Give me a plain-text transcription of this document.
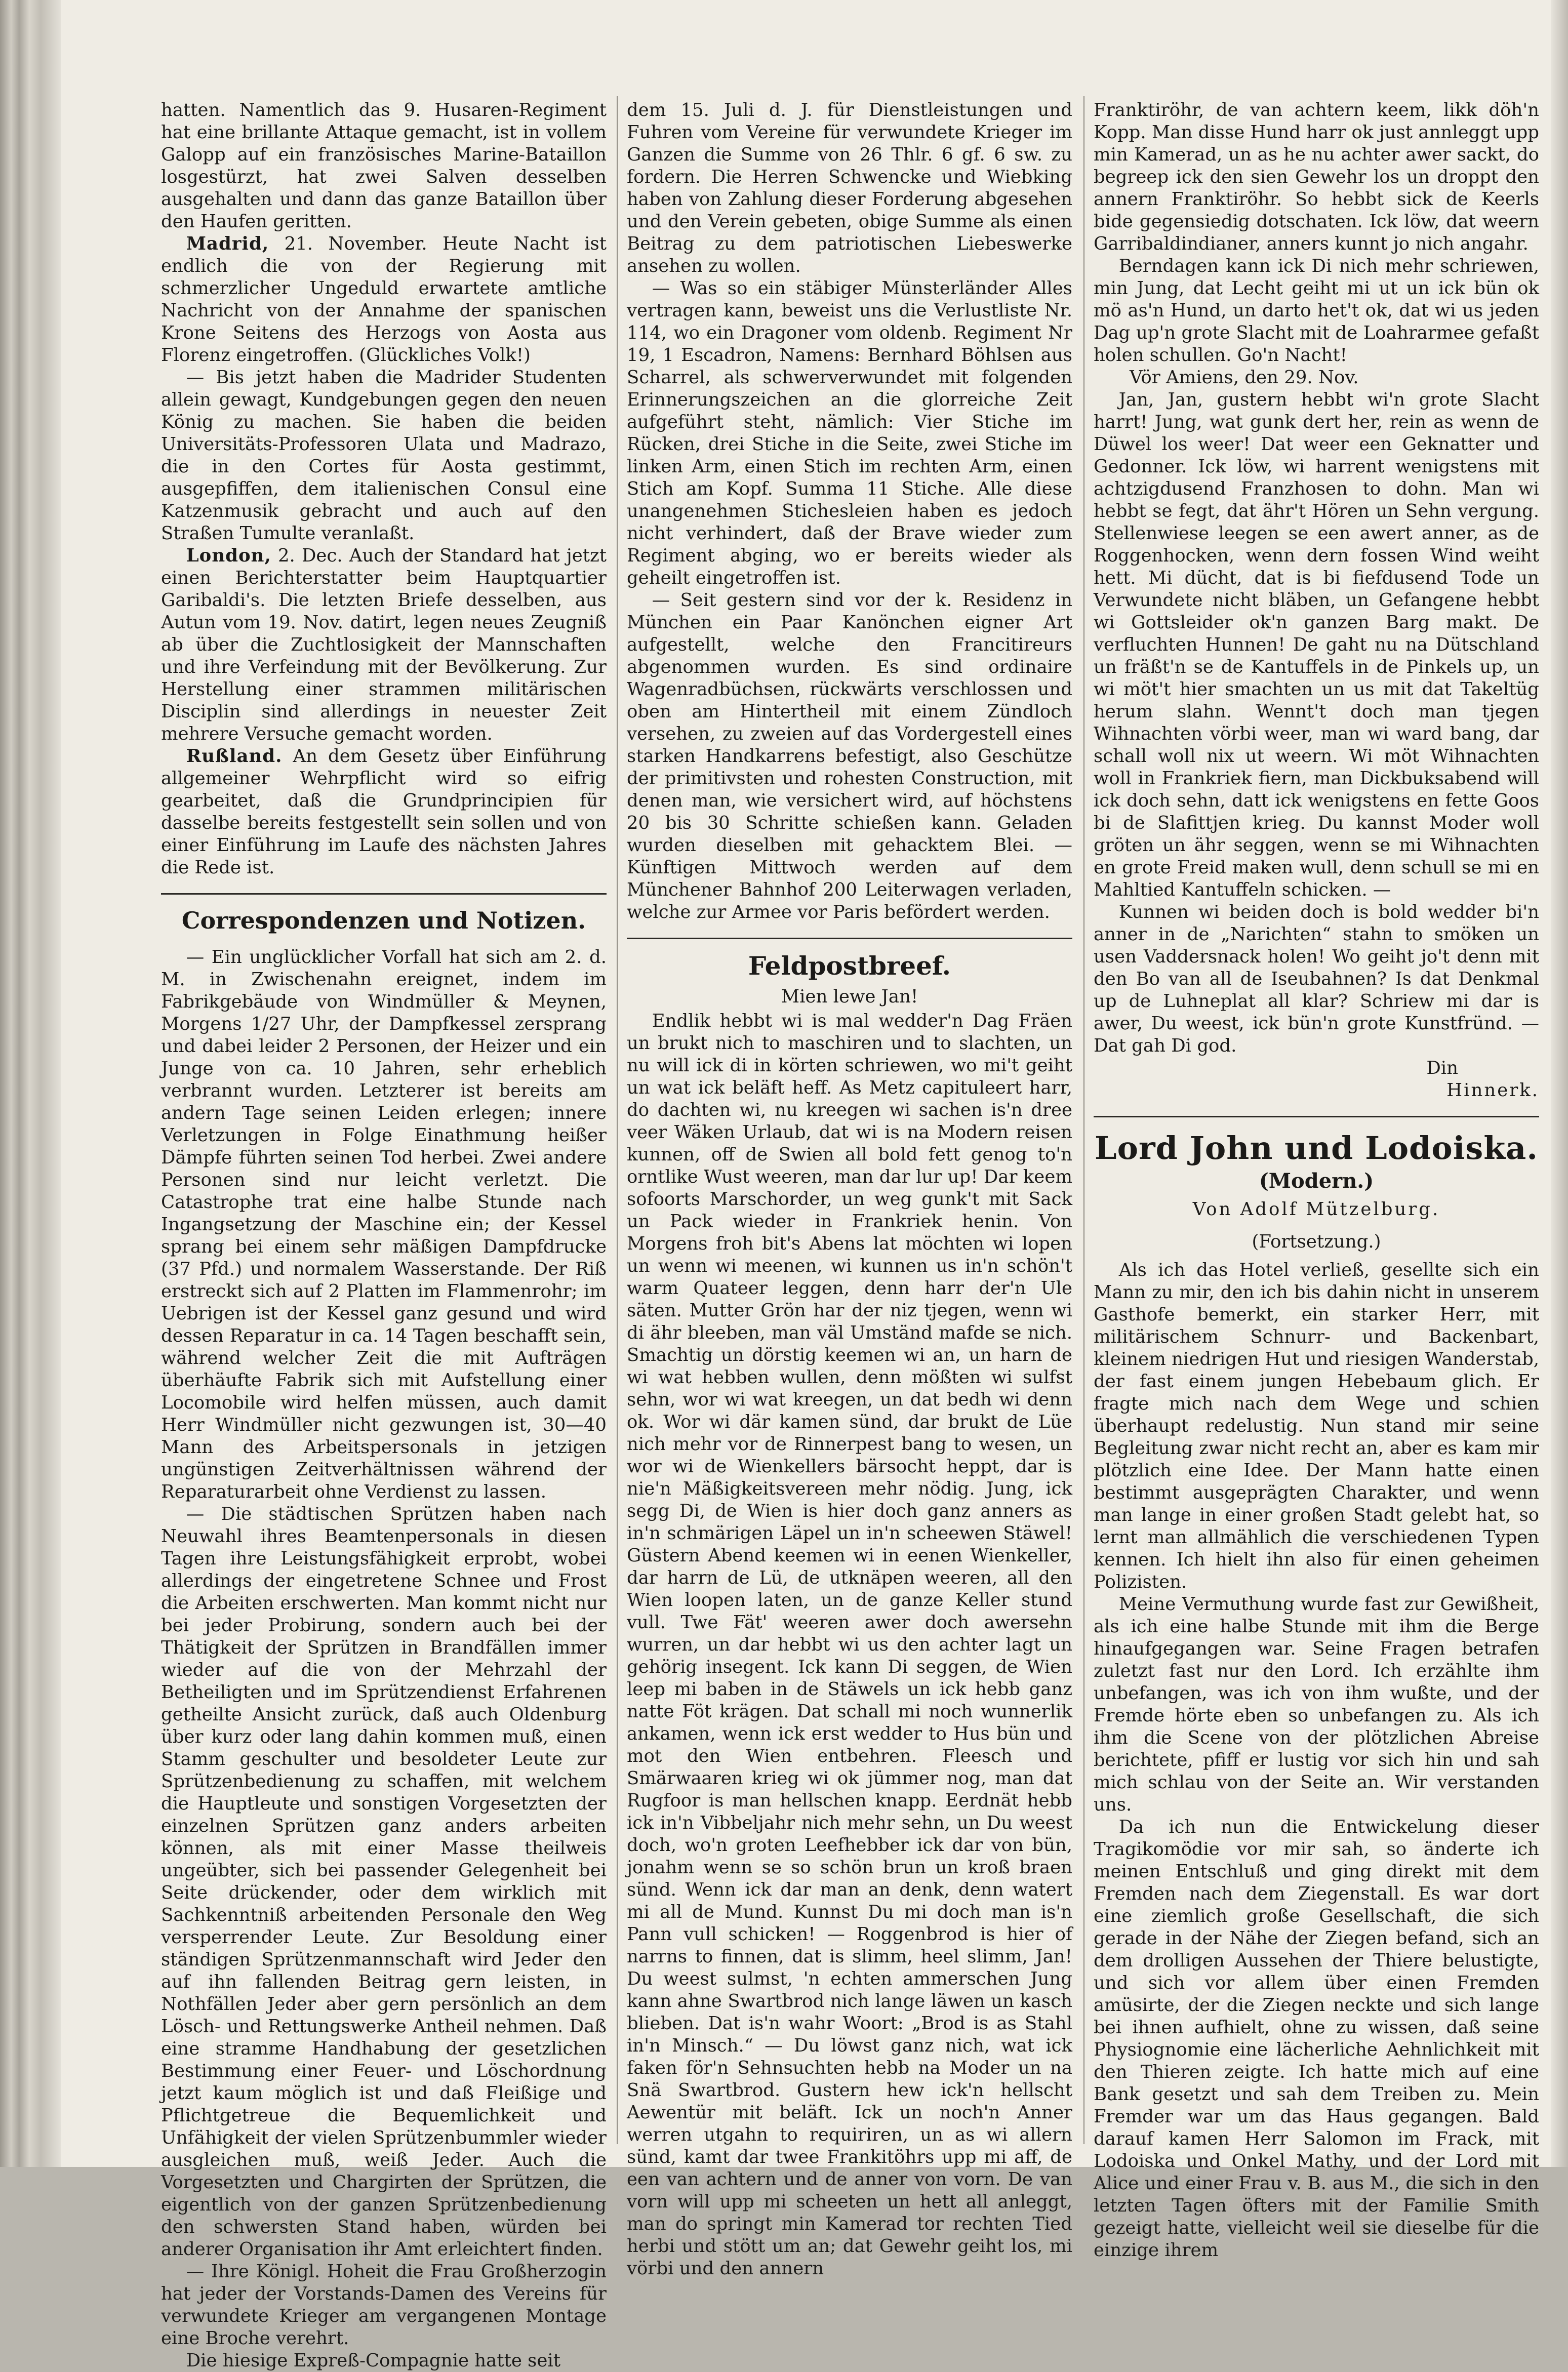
hatten. Namentlich das 9. Husaren-Regiment hat eine brillante Attaque gemacht, ist in vollem Galopp auf ein französisches Marine-Bataillon losgestürzt, hat zwei Salven desselben ausgehalten und dann das ganze Bataillon über den Haufen geritten.

Madrid, 21. November. Heute Nacht ist endlich die von der Regierung mit schmerzlicher Ungeduld erwartete amtliche Nachricht von der Annahme der spanischen Krone Seitens des Herzogs von Aosta aus Florenz eingetroffen. (Glückliches Volk!)

— Bis jetzt haben die Madrider Studenten allein gewagt, Kundgebungen gegen den neuen König zu machen. Sie haben die beiden Universitäts-Professoren Ulata und Madrazo, die in den Cortes für Aosta gestimmt, ausgepfiffen, dem italienischen Consul eine Katzenmusik gebracht und auch auf den Straßen Tumulte veranlaßt.

London, 2. Dec. Auch der Standard hat jetzt einen Berichterstatter beim Hauptquartier Garibaldi's. Die letzten Briefe desselben, aus Autun vom 19. Nov. datirt, legen neues Zeugniß ab über die Zuchtlosigkeit der Mannschaften und ihre Verfeindung mit der Bevölkerung. Zur Herstellung einer strammen militärischen Disciplin sind allerdings in neuester Zeit mehrere Versuche gemacht worden.

Rußland. An dem Gesetz über Einführung allgemeiner Wehrpflicht wird so eifrig gearbeitet, daß die Grundprincipien für dasselbe bereits festgestellt sein sollen und von einer Einführung im Laufe des nächsten Jahres die Rede ist.

Correspondenzen und Notizen.

— Ein unglücklicher Vorfall hat sich am 2. d. M. in Zwischenahn ereignet, indem im Fabrikgebäude von Windmüller & Meynen, Morgens 1/27 Uhr, der Dampfkessel zersprang und dabei leider 2 Personen, der Heizer und ein Junge von ca. 10 Jahren, sehr erheblich verbrannt wurden. Letzterer ist bereits am andern Tage seinen Leiden erlegen; innere Verletzungen in Folge Einathmung heißer Dämpfe führten seinen Tod herbei. Zwei andere Personen sind nur leicht verletzt. Die Catastrophe trat eine halbe Stunde nach Ingangsetzung der Maschine ein; der Kessel sprang bei einem sehr mäßigen Dampfdrucke (37 Pfd.) und normalem Wasserstande. Der Riß erstreckt sich auf 2 Platten im Flammenrohr; im Uebrigen ist der Kessel ganz gesund und wird dessen Reparatur in ca. 14 Tagen beschafft sein, während welcher Zeit die mit Aufträgen überhäufte Fabrik sich mit Aufstellung einer Locomobile wird helfen müssen, auch damit Herr Windmüller nicht gezwungen ist, 30—40 Mann des Arbeitspersonals in jetzigen ungünstigen Zeitverhältnissen während der Reparaturarbeit ohne Verdienst zu lassen.

— Die städtischen Sprützen haben nach Neuwahl ihres Beamtenpersonals in diesen Tagen ihre Leistungsfähigkeit erprobt, wobei allerdings der eingetretene Schnee und Frost die Arbeiten erschwerten. Man kommt nicht nur bei jeder Probirung, sondern auch bei der Thätigkeit der Sprützen in Brandfällen immer wieder auf die von der Mehrzahl der Betheiligten und im Sprützendienst Erfahrenen getheilte Ansicht zurück, daß auch Oldenburg über kurz oder lang dahin kommen muß, einen Stamm geschulter und besoldeter Leute zur Sprützenbedienung zu schaffen, mit welchem die Hauptleute und sonstigen Vorgesetzten der einzelnen Sprützen ganz anders arbeiten können, als mit einer Masse theilweis ungeübter, sich bei passender Gelegenheit bei Seite drückender, oder dem wirklich mit Sachkenntniß arbeitenden Personale den Weg versperrender Leute. Zur Besoldung einer ständigen Sprützenmannschaft wird Jeder den auf ihn fallenden Beitrag gern leisten, in Nothfällen Jeder aber gern persönlich an dem Lösch- und Rettungswerke Antheil nehmen. Daß eine stramme Handhabung der gesetzlichen Bestimmung einer Feuer- und Löschordnung jetzt kaum möglich ist und daß Fleißige und Pflichtgetreue die Bequemlichkeit und Unfähigkeit der vielen Sprützenbummler wieder ausgleichen muß, weiß Jeder. Auch die Vorgesetzten und Chargirten der Sprützen, die eigentlich von der ganzen Sprützenbedienung den schwersten Stand haben, würden bei anderer Organisation ihr Amt erleichtert finden.

— Ihre Königl. Hoheit die Frau Großherzogin hat jeder der Vorstands-Damen des Vereins für verwundete Krieger am vergangenen Montage eine Broche verehrt.

Die hiesige Expreß-Compagnie hatte seit

dem 15. Juli d. J. für Dienstleistungen und Fuhren vom Vereine für verwundete Krieger im Ganzen die Summe von 26 Thlr. 6 gf. 6 sw. zu fordern. Die Herren Schwencke und Wiebking haben von Zahlung dieser Forderung abgesehen und den Verein gebeten, obige Summe als einen Beitrag zu dem patriotischen Liebeswerke ansehen zu wollen.

— Was so ein stäbiger Münsterländer Alles vertragen kann, beweist uns die Verlustliste Nr. 114, wo ein Dragoner vom oldenb. Regiment Nr 19, 1 Escadron, Namens: Bernhard Böhlsen aus Scharrel, als schwerverwundet mit folgenden Erinnerungszeichen an die glorreiche Zeit aufgeführt steht, nämlich: Vier Stiche im Rücken, drei Stiche in die Seite, zwei Stiche im linken Arm, einen Stich im rechten Arm, einen Stich am Kopf. Summa 11 Stiche. Alle diese unangenehmen Stichesleien haben es jedoch nicht verhindert, daß der Brave wieder zum Regiment abging, wo er bereits wieder als geheilt eingetroffen ist.

— Seit gestern sind vor der k. Residenz in München ein Paar Kanönchen eigner Art aufgestellt, welche den Francitireurs abgenommen wurden. Es sind ordinaire Wagenradbüchsen, rückwärts verschlossen und oben am Hintertheil mit einem Zündloch versehen, zu zweien auf das Vordergestell eines starken Handkarrens befestigt, also Geschütze der primitivsten und rohesten Construction, mit denen man, wie versichert wird, auf höchstens 20 bis 30 Schritte schießen kann. Geladen wurden dieselben mit gehacktem Blei. — Künftigen Mittwoch werden auf dem Münchener Bahnhof 200 Leiterwagen verladen, welche zur Armee vor Paris befördert werden.

Feldpostbreef.
Mien lewe Jan!

Endlik hebbt wi is mal wedder'n Dag Fräen un brukt nich to maschiren und to slachten, un nu will ick di in körten schriewen, wo mi't geiht un wat ick beläft heff. As Metz capituleert harr, do dachten wi, nu kreegen wi sachen is'n dree veer Wäken Urlaub, dat wi is na Modern reisen kunnen, off de Swien all bold fett genog to'n orntlike Wust weeren, man dar lur up! Dar keem sofoorts Marschorder, un weg gunk't mit Sack un Pack wieder in Frankriek henin. Von Morgens froh bit's Abens lat möchten wi lopen un wenn wi meenen, wi kunnen us in'n schön't warm Quateer leggen, denn harr der'n Ule säten. Mutter Grön har der niz tjegen, wenn wi di ähr bleeben, man väl Umständ mafde se nich. Smachtig un dörstig keemen wi an, un harn de wi wat hebben wullen, denn mößten wi sulfst sehn, wor wi wat kreegen, un dat bedh wi denn ok. Wor wi där kamen sünd, dar brukt de Lüe nich mehr vor de Rinnerpest bang to wesen, un wor wi de Wienkellers bärsocht heppt, dar is nie'n Mäßigkeitsvereen mehr nödig. Jung, ick segg Di, de Wien is hier doch ganz anners as in'n schmärigen Läpel un in'n scheewen Stäwel! Güstern Abend keemen wi in eenen Wienkeller, dar harrn de Lü, de utknäpen weeren, all den Wien loopen laten, un de ganze Keller stund vull. Twe Fät' weeren awer doch awersehn wurren, un dar hebbt wi us den achter lagt un gehörig insegent. Ick kann Di seggen, de Wien leep mi baben in de Stäwels un ick hebb ganz natte Föt krägen. Dat schall mi noch wunnerlik ankamen, wenn ick erst wedder to Hus bün und mot den Wien entbehren. Fleesch und Smärwaaren krieg wi ok jümmer nog, man dat Rugfoor is man hellschen knapp. Eerdnät hebb ick in'n Vibbeljahr nich mehr sehn, un Du weest doch, wo'n groten Leefhebber ick dar von bün, jonahm wenn se so schön brun un kroß braen sünd. Wenn ick dar man an denk, denn watert mi all de Mund. Kunnst Du mi doch man is'n Pann vull schicken! — Roggenbrod is hier of narrns to finnen, dat is slimm, heel slimm, Jan! Du weest sulmst, 'n echten ammerschen Jung kann ahne Swartbrod nich lange läwen un kasch blieben. Dat is'n wahr Woort: „Brod is as Stahl in'n Minsch.“ — Du löwst ganz nich, wat ick faken för'n Sehnsuchten hebb na Moder un na Snä Swartbrod. Gustern hew ick'n hellscht Aewentür mit beläft. Ick un noch'n Anner werren utgahn to requiriren, un as wi allern sünd, kamt dar twee Frankitöhrs upp mi aff, de een van achtern und de anner von vorn. De van vorn will upp mi scheeten un hett all anleggt, man do springt min Kamerad tor rechten Tied herbi und stött um an; dat Gewehr geiht los, mi vörbi und den annern

Franktiröhr, de van achtern keem, likk döh'n Kopp. Man disse Hund harr ok just annleggt upp min Kamerad, un as he nu achter awer sackt, do begreep ick den sien Gewehr los un droppt den annern Franktiröhr. So hebbt sick de Keerls bide gegensiedig dotschaten. Ick löw, dat weern Garribaldindianer, anners kunnt jo nich angahr.

Berndagen kann ick Di nich mehr schriewen, min Jung, dat Lecht geiht mi ut un ick bün ok mö as'n Hund, un darto het't ok, dat wi us jeden Dag up'n grote Slacht mit de Loahrarmee gefaßt holen schullen. Go'n Nacht!

Vör Amiens, den 29. Nov.

Jan, Jan, gustern hebbt wi'n grote Slacht harrt! Jung, wat gunk dert her, rein as wenn de Düwel los weer! Dat weer een Geknatter und Gedonner. Ick löw, wi harrent wenigstens mit achtzigdusend Franzhosen to dohn. Man wi hebbt se fegt, dat ähr't Hören un Sehn vergung. Stellenwiese leegen se een awert anner, as de Roggenhocken, wenn dern fossen Wind weiht hett. Mi dücht, dat is bi fiefdusend Tode un Verwundete nicht bläben, un Gefangene hebbt wi Gottsleider ok'n ganzen Barg makt. De verfluchten Hunnen! De gaht nu na Dütschland un fräßt'n se de Kantuffels in de Pinkels up, un wi möt't hier smachten un us mit dat Takeltüg herum slahn. Wennt't doch man tjegen Wihnachten vörbi weer, man wi ward bang, dar schall woll nix ut weern. Wi möt Wihnachten woll in Frankriek fiern, man Dickbuksabend will ick doch sehn, datt ick wenigstens en fette Goos bi de Slafittjen krieg. Du kannst Moder woll gröten un ähr seggen, wenn se mi Wihnachten en grote Freid maken wull, denn schull se mi en Mahltied Kantuffeln schicken. —

Kunnen wi beiden doch is bold wedder bi'n anner in de „Narichten“ stahn to smöken un usen Vaddersnack holen! Wo geiht jo't denn mit den Bo van all de Iseubahnen? Is dat Denkmal up de Luhneplat all klar? Schriew mi dar is awer, Du weest, ick bün'n grote Kunstfründ. — Dat gah Di god.

Din
Hinnerk.
Lord John und Lodoiska.
(Modern.)
Von Adolf Mützelburg.
(Fortsetzung.)

Als ich das Hotel verließ, gesellte sich ein Mann zu mir, den ich bis dahin nicht in unserem Gasthofe bemerkt, ein starker Herr, mit militärischem Schnurr- und Backenbart, kleinem niedrigen Hut und riesigen Wanderstab, der fast einem jungen Hebebaum glich. Er fragte mich nach dem Wege und schien überhaupt redelustig. Nun stand mir seine Begleitung zwar nicht recht an, aber es kam mir plötzlich eine Idee. Der Mann hatte einen bestimmt ausgeprägten Charakter, und wenn man lange in einer großen Stadt gelebt hat, so lernt man allmählich die verschiedenen Typen kennen. Ich hielt ihn also für einen geheimen Polizisten.

Meine Vermuthung wurde fast zur Gewißheit, als ich eine halbe Stunde mit ihm die Berge hinaufgegangen war. Seine Fragen betrafen zuletzt fast nur den Lord. Ich erzählte ihm unbefangen, was ich von ihm wußte, und der Fremde hörte eben so unbefangen zu. Als ich ihm die Scene von der plötzlichen Abreise berichtete, pfiff er lustig vor sich hin und sah mich schlau von der Seite an. Wir verstanden uns.

Da ich nun die Entwickelung dieser Tragikomödie vor mir sah, so änderte ich meinen Entschluß und ging direkt mit dem Fremden nach dem Ziegenstall. Es war dort eine ziemlich große Gesellschaft, die sich gerade in der Nähe der Ziegen befand, sich an dem drolligen Aussehen der Thiere belustigte, und sich vor allem über einen Fremden amüsirte, der die Ziegen neckte und sich lange bei ihnen aufhielt, ohne zu wissen, daß seine Physiognomie eine lächerliche Aehnlichkeit mit den Thieren zeigte. Ich hatte mich auf eine Bank gesetzt und sah dem Treiben zu. Mein Fremder war um das Haus gegangen. Bald darauf kamen Herr Salomon im Frack, mit Lodoiska und Onkel Mathy, und der Lord mit Alice und einer Frau v. B. aus M., die sich in den letzten Tagen öfters mit der Familie Smith gezeigt hatte, vielleicht weil sie dieselbe für die einzige ihrem
